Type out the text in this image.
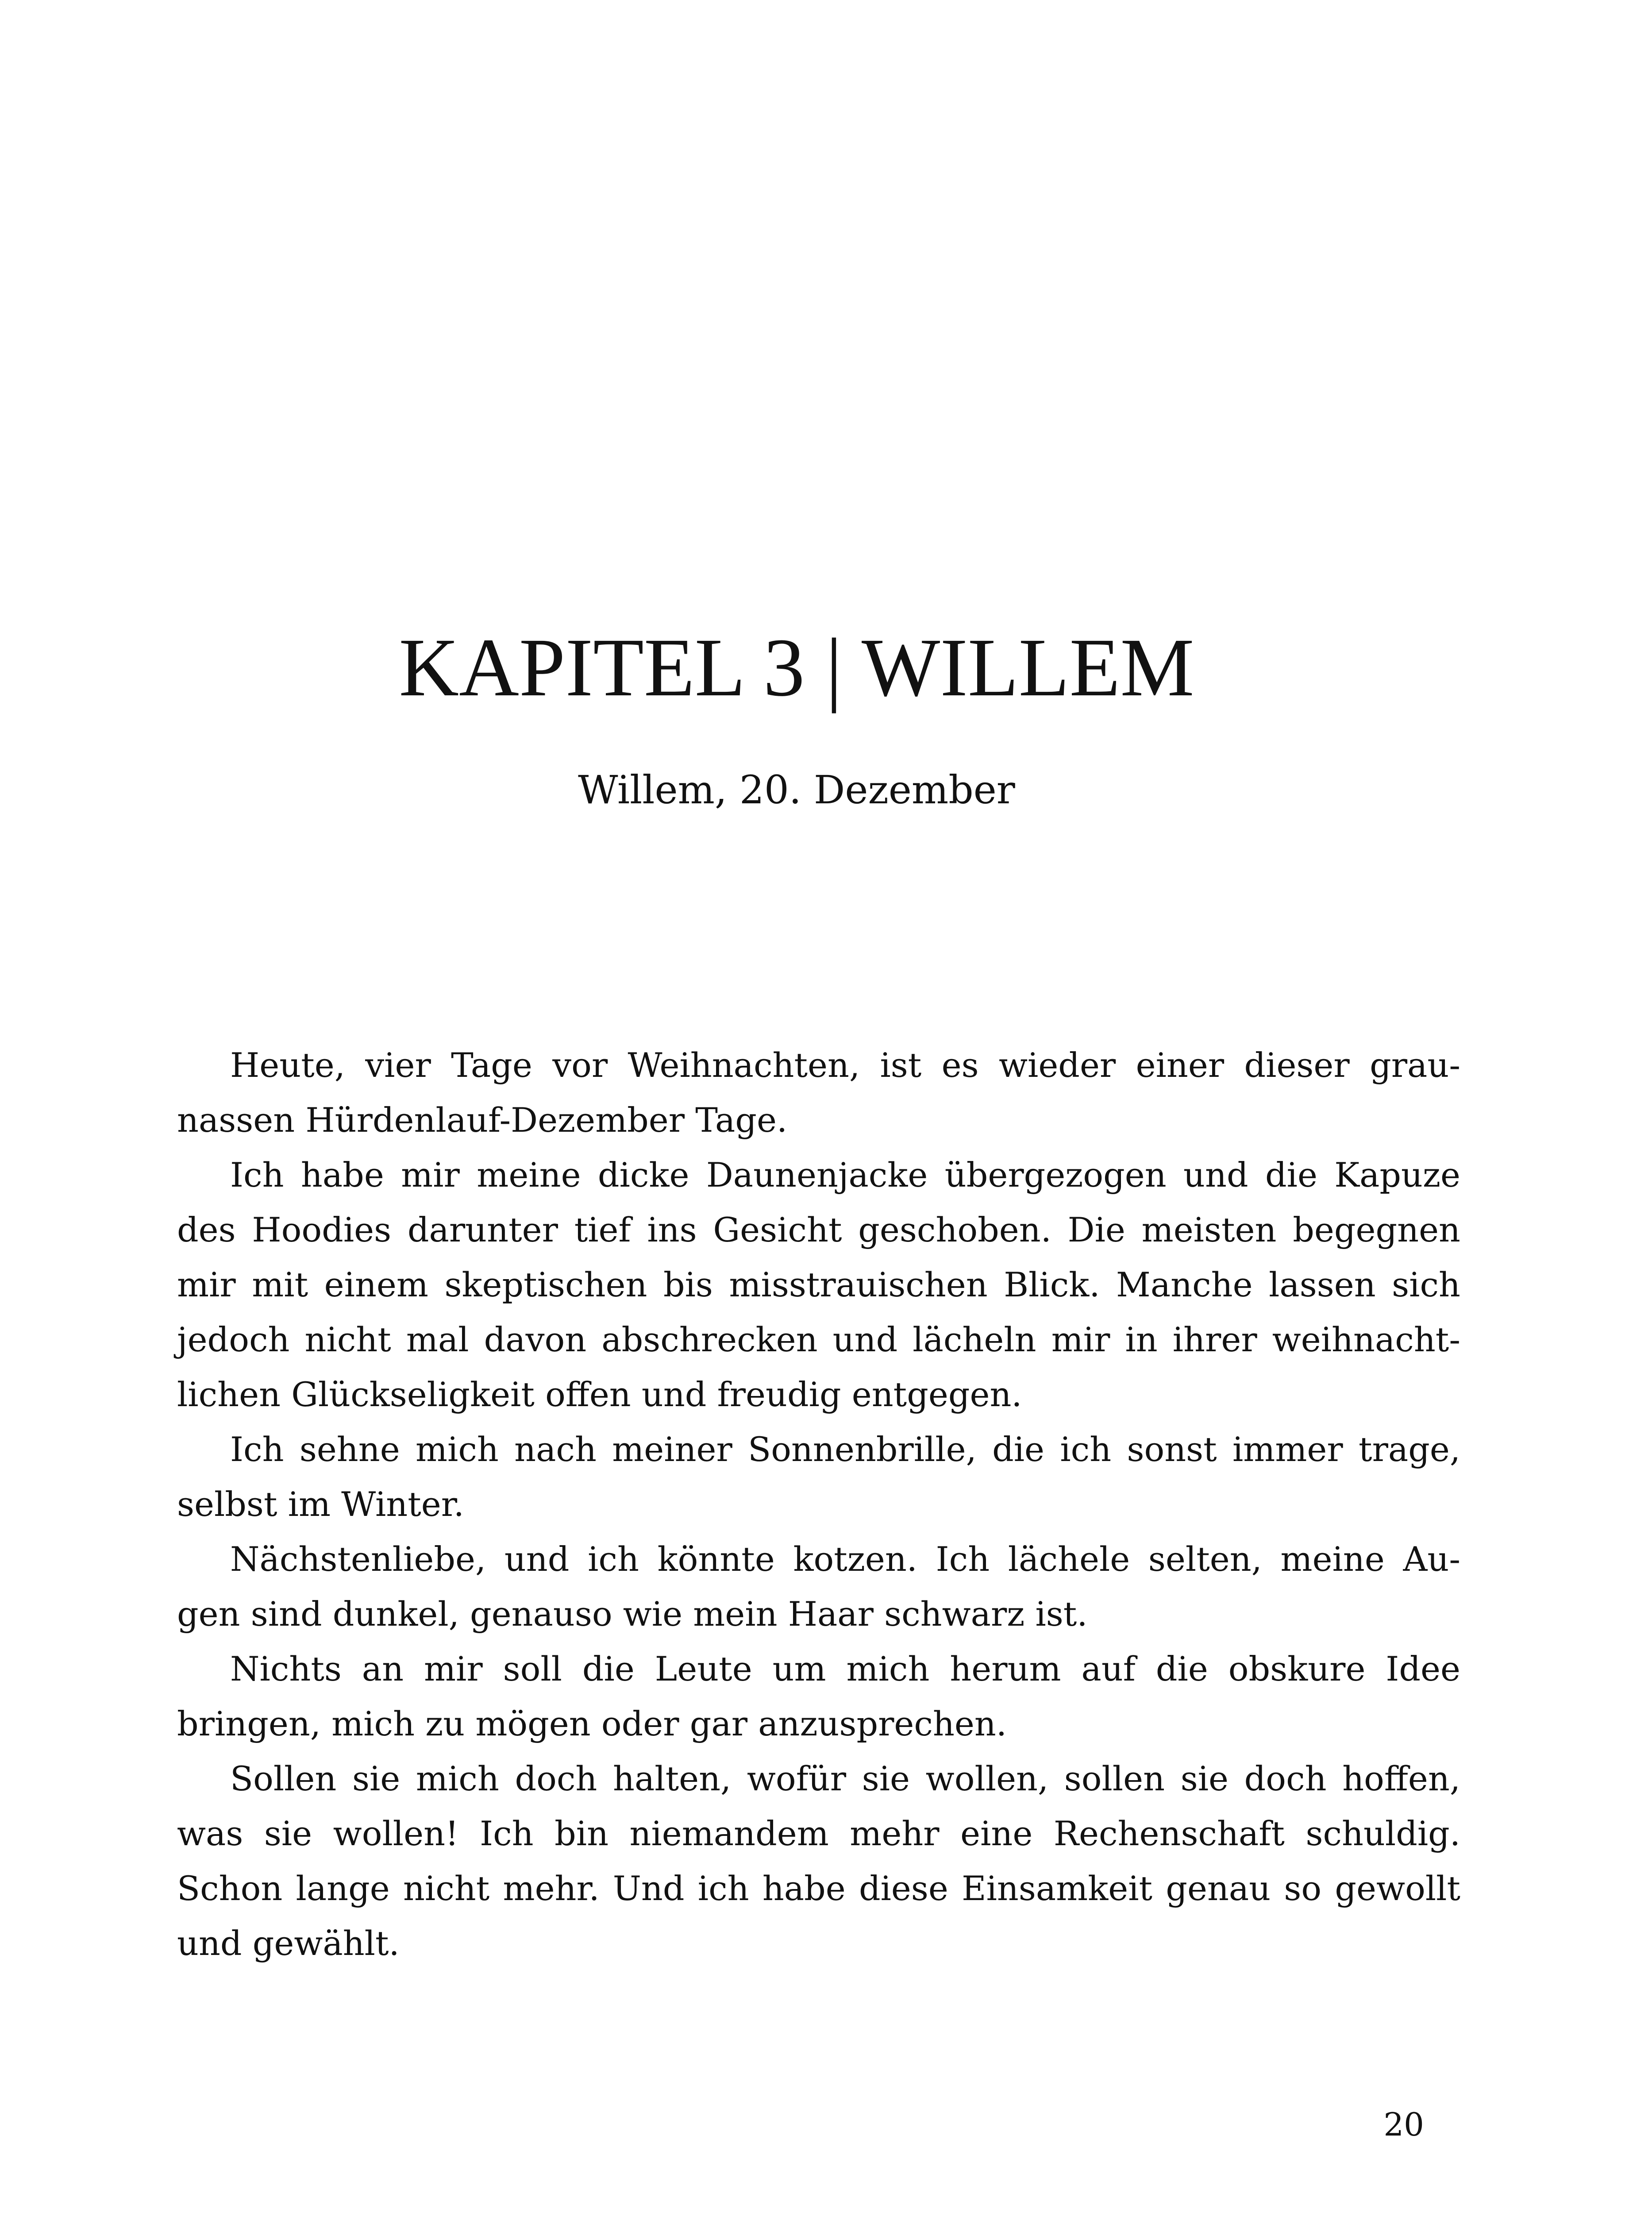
KAPITEL 3 | WILLEM
Willem, 20. Dezember
Heute, vier Tage vor Weihnachten, ist es wieder einer dieser grau-
nassen Hürdenlauf-Dezember Tage.
Ich habe mir meine dicke Daunenjacke übergezogen und die Kapuze
des Hoodies darunter tief ins Gesicht geschoben. Die meisten begegnen
mir mit einem skeptischen bis misstrauischen Blick. Manche lassen sich
jedoch nicht mal davon abschrecken und lächeln mir in ihrer weihnacht-
lichen Glückseligkeit offen und freudig entgegen.
Ich sehne mich nach meiner Sonnenbrille, die ich sonst immer trage,
selbst im Winter.
Nächstenliebe, und ich könnte kotzen. Ich lächele selten, meine Au-
gen sind dunkel, genauso wie mein Haar schwarz ist.
Nichts an mir soll die Leute um mich herum auf die obskure Idee
bringen, mich zu mögen oder gar anzusprechen.
Sollen sie mich doch halten, wofür sie wollen, sollen sie doch hoffen,
was sie wollen! Ich bin niemandem mehr eine Rechenschaft schuldig.
Schon lange nicht mehr. Und ich habe diese Einsamkeit genau so gewollt
und gewählt.
20
